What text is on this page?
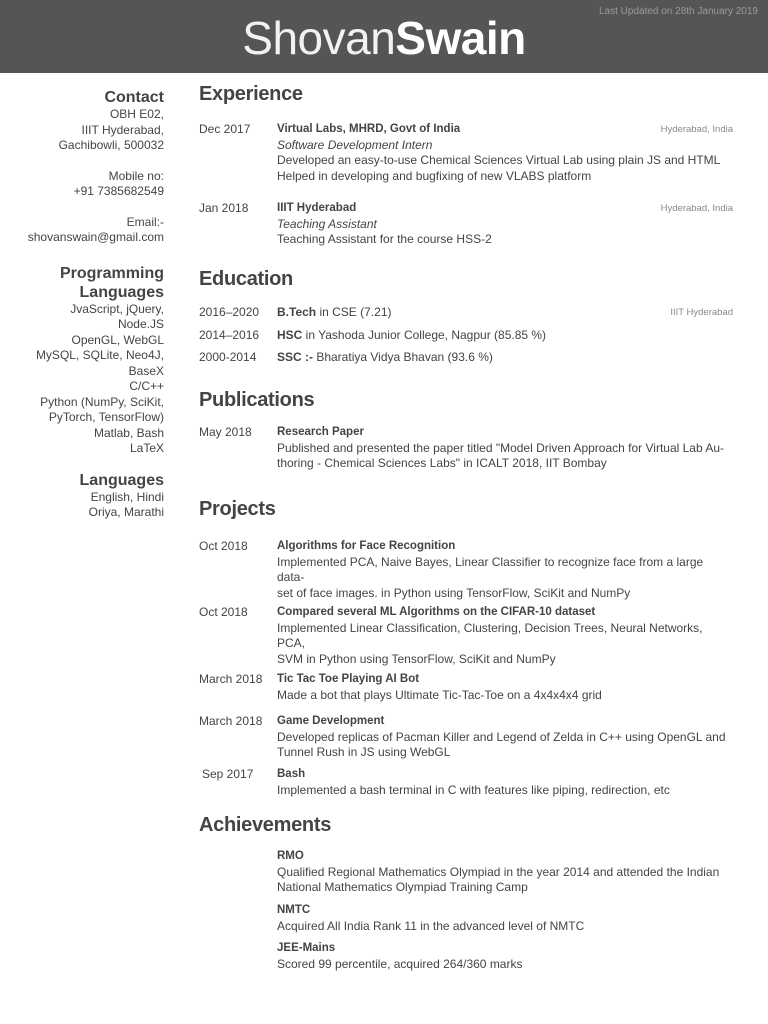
ShovanSwain
Last Updated on 28th January 2019
Contact

OBH E02,

IIIT Hyderabad,

Gachibowli, 500032

Mobile no:

+91 7385682549

Email:-

shovanswain@gmail.com

Programming
Languages

JvaScript, jQuery,

Node.JS

OpenGL, WebGL

MySQL, SQLite, Neo4J,

BaseX

C/C++

Python (NumPy, SciKit,

PyTorch, TensorFlow)

Matlab, Bash

LaTeX

Languages

English, Hindi

Oriya, Marathi

Experience
Dec 2017	Virtual Labs, MHRD, Govt of India
Software Development Intern
Developed an easy-to-use Chemical Sciences Virtual Lab using plain JS and HTML
Helped in developing and bugfixing of new VLABS platform
Hyderabad, India
Jan 2018	IIIT Hyderabad
Teaching Assistant
Teaching Assistant for the course HSS-2
Hyderabad, India
Education
2016–2020	B.Tech in CSE (7.21)	IIIT Hyderabad
2014–2016	HSC in Yashoda Junior College, Nagpur (85.85 %)
2000-2014	SSC :- Bharatiya Vidya Bhavan (93.6 %)
Publications
May 2018	Research Paper
Published and presented the paper titled "Model Driven Approach for Virtual Lab Au-
thoring - Chemical Sciences Labs" in ICALT 2018, IIT Bombay
Projects
Oct 2018	Algorithms for Face Recognition
Implemented PCA, Naive Bayes, Linear Classifier to recognize face from a large data-
set of face images. in Python using TensorFlow, SciKit and NumPy
Oct 2018	Compared several ML Algorithms on the CIFAR-10 dataset
Implemented Linear Classification, Clustering, Decision Trees, Neural Networks, PCA,
SVM in Python using TensorFlow, SciKit and NumPy
March 2018	Tic Tac Toe Playing AI Bot
Made a bot that plays Ultimate Tic-Tac-Toe on a 4x4x4x4 grid
March 2018	Game Development
Developed replicas of Pacman Killer and Legend of Zelda in C++ using OpenGL and
Tunnel Rush in JS using WebGL
Sep 2017	Bash
Implemented a bash terminal in C with features like piping, redirection, etc
Achievements
RMO
Qualified Regional Mathematics Olympiad in the year 2014 and attended the Indian
National Mathematics Olympiad Training Camp
NMTC
Acquired All India Rank 11 in the advanced level of NMTC
JEE-Mains
Scored 99 percentile, acquired 264/360 marks
